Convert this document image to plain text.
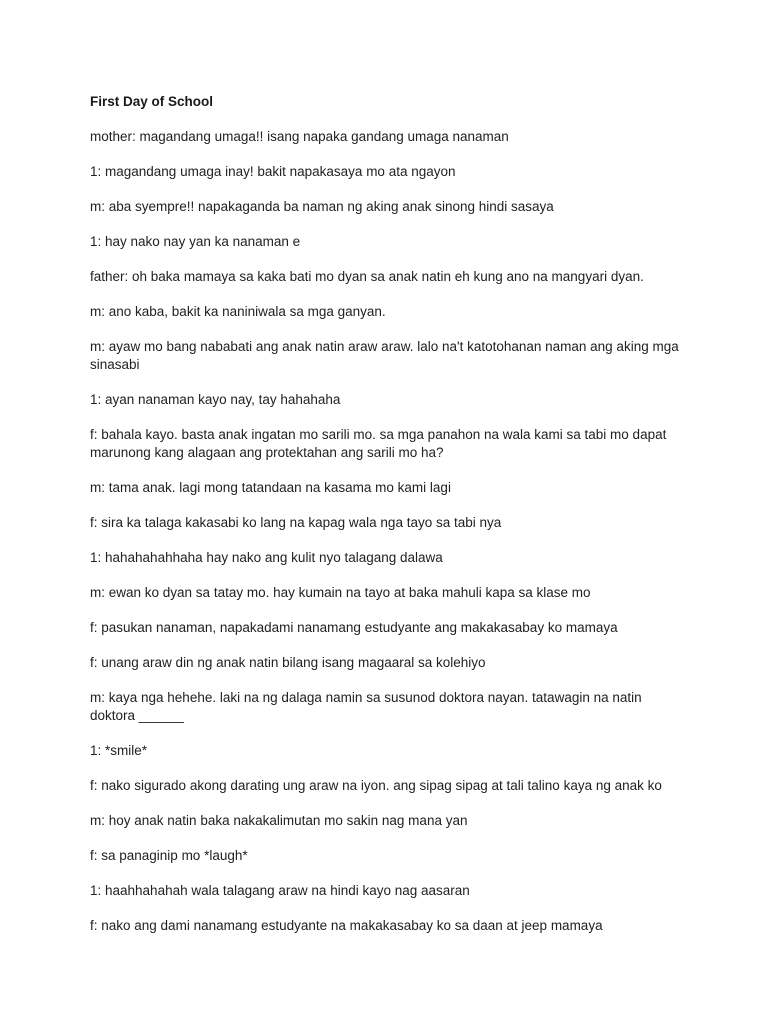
First Day of School
mother: magandang umaga!! isang napaka gandang umaga nanaman
1: magandang umaga inay! bakit napakasaya mo ata ngayon
m: aba syempre!! napakaganda ba naman ng aking anak sinong hindi sasaya
1: hay nako nay yan ka nanaman e
father: oh baka mamaya sa kaka bati mo dyan sa anak natin eh kung ano na mangyari dyan.
m: ano kaba, bakit ka naniniwala sa mga ganyan.
m: ayaw mo bang nababati ang anak natin araw araw. lalo na't katotohanan naman ang aking mga sinasabi
1: ayan nanaman kayo nay, tay hahahaha
f: bahala kayo. basta anak ingatan mo sarili mo. sa mga panahon na wala kami sa tabi mo dapat marunong kang alagaan ang protektahan ang sarili mo ha?
m: tama anak. lagi mong tatandaan na kasama mo kami lagi
f: sira ka talaga kakasabi ko lang na kapag wala nga tayo sa tabi nya
1: hahahahahhaha hay nako ang kulit nyo talagang dalawa
m: ewan ko dyan sa tatay mo. hay kumain na tayo at baka mahuli kapa sa klase mo
f: pasukan nanaman, napakadami nanamang estudyante ang makakasabay ko mamaya
f: unang araw din ng anak natin bilang isang magaaral sa kolehiyo
m: kaya nga hehehe. laki na ng dalaga namin sa susunod doktora nayan. tatawagin na natin doktora ______
1: *smile*
f: nako sigurado akong darating ung araw na iyon. ang sipag sipag at tali talino kaya ng anak ko
m: hoy anak natin baka nakakalimutan mo sakin nag mana yan
f: sa panaginip mo *laugh*
1: haahhahahah wala talagang araw na hindi kayo nag aasaran
f: nako ang dami nanamang estudyante na makakasabay ko sa daan at jeep mamaya
